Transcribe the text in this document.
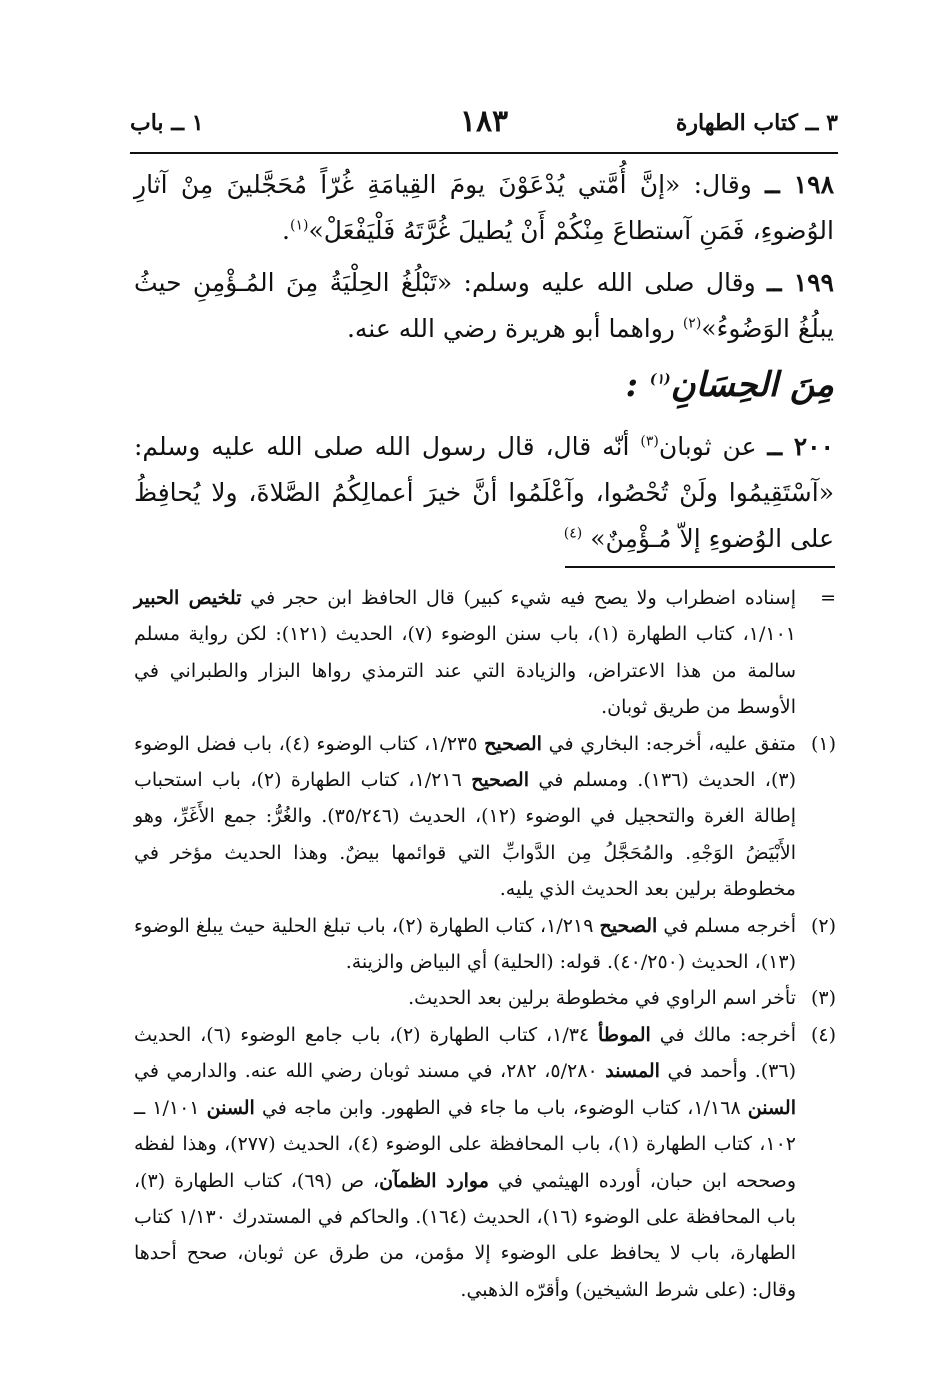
٣ ــ كتاب الطهارة
١٨٣
١ ــ باب

١٩٨ ــ وقال: «إنَّ أُمَّتي يُدْعَوْنَ يومَ القِيامَةِ غُرّاً مُحَجَّلينَ مِنْ آثارِ الوُضوءِ، فَمَنِ آستطاعَ مِنْكُمْ أَنْ يُطيلَ غُرَّتَهُ فَلْيَفْعَلْ»$^{(١)}$.

١٩٩ ــ وقال صلى الله عليه وسلم: «تَبْلُغُ الحِلْيَةُ مِنَ المُـؤْمِنِ حيثُ يبلُغُ الوَضُوءُ»$^{(٢)}$ رواهما أبو هريرة رضي الله عنه.

مِنَ الحِسَانِ$^{(١)}$ :

٢٠٠ ــ عن ثوبان$^{(٣)}$ أنّه قال، قال رسول الله صلى الله عليه وسلم: «آسْتَقِيمُوا ولَنْ تُحْصُوا، وآعْلَمُوا أنَّ خيرَ أعمالِكُمُ الصَّلاةَ، ولا يُحافِظُ على الوُضوءِ إلاّ مُـؤْمِنٌ» $^{(٤)}$

=
إسناده اضطراب ولا يصح فيه شيء كبير) قال الحافظ ابن حجر في تلخيص الحبير ١/١٠١، كتاب الطهارة (١)، باب سنن الوضوء (٧)، الحديث (١٢١): لكن رواية مسلم سالمة من هذا الاعتراض، والزيادة التي عند الترمذي رواها البزار والطبراني في الأوسط من طريق ثوبان.
(١)
متفق عليه، أخرجه: البخاري في الصحيح ١/٢٣٥، كتاب الوضوء (٤)، باب فضل الوضوء (٣)، الحديث (١٣٦). ومسلم في الصحيح ١/٢١٦، كتاب الطهارة (٢)، باب استحباب إطالة الغرة والتحجيل في الوضوء (١٢)، الحديث (٣٥/٢٤٦). والغُرُّ: جمع الأَغَرِّ، وهو الأَبْيَضُ الوَجْهِ. والمُحَجَّلُ مِن الدَّوابِّ التي قوائمها بيضٌ. وهذا الحديث مؤخر في مخطوطة برلين بعد الحديث الذي يليه.
(٢)
أخرجه مسلم في الصحيح ١/٢١٩، كتاب الطهارة (٢)، باب تبلغ الحلية حيث يبلغ الوضوء (١٣)، الحديث (٤٠/٢٥٠). قوله: (الحلية) أي البياض والزينة.
(٣)
تأخر اسم الراوي في مخطوطة برلين بعد الحديث.
(٤)
أخرجه: مالك في الموطأ ١/٣٤، كتاب الطهارة (٢)، باب جامع الوضوء (٦)، الحديث (٣٦). وأحمد في المسند ٥/٢٨٠، ٢٨٢، في مسند ثوبان رضي الله عنه. والدارمي في السنن ١/١٦٨، كتاب الوضوء، باب ما جاء في الطهور. وابن ماجه في السنن ١/١٠١ ــ ١٠٢، كتاب الطهارة (١)، باب المحافظة على الوضوء (٤)، الحديث (٢٧٧)، وهذا لفظه وصححه ابن حبان، أورده الهيثمي في موارد الظمآن، ص (٦٩)، كتاب الطهارة (٣)، باب المحافظة على الوضوء (١٦)، الحديث (١٦٤). والحاكم في المستدرك ١/١٣٠ كتاب الطهارة، باب لا يحافظ على الوضوء إلا مؤمن، من طرق عن ثوبان، صحح أحدها وقال: (على شرط الشيخين) وأقرّه الذهبي.
